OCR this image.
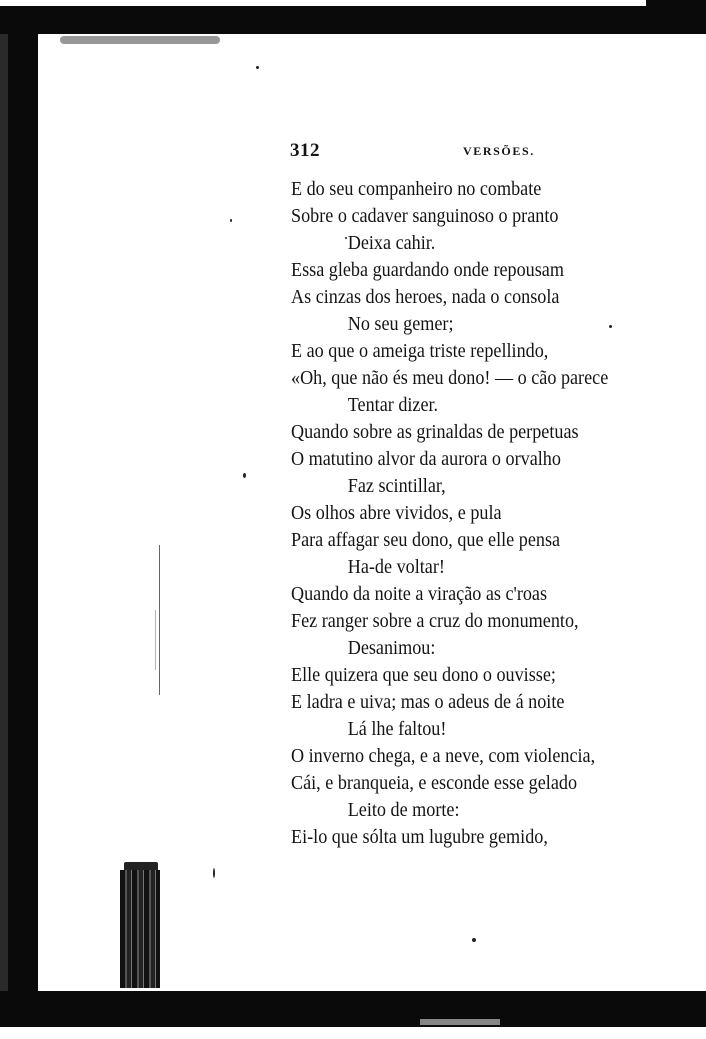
312	VERSÕES.
E do seu companheiro no combate
Sobre o cadaver sanguinoso o pranto
Deixa cahir.
Essa gleba guardando onde repousam
As cinzas dos heroes, nada o consola
No seu gemer;
E ao que o ameiga triste repellindo,
«Oh, que não és meu dono! — o cão parece
Tentar dizer.
Quando sobre as grinaldas de perpetuas
O matutino alvor da aurora o orvalho
Faz scintillar,
Os olhos abre vividos, e pula
Para affagar seu dono, que elle pensa
Ha-de voltar!
Quando da noite a viração as c'roas
Fez ranger sobre a cruz do monumento,
Desanimou:
Elle quizera que seu dono o ouvisse;
E ladra e uiva; mas o adeus de á noite
Lá lhe faltou!
O inverno chega, e a neve, com violencia,
Cái, e branqueia, e esconde esse gelado
Leito de morte:
Ei-lo que sólta um lugubre gemido,
